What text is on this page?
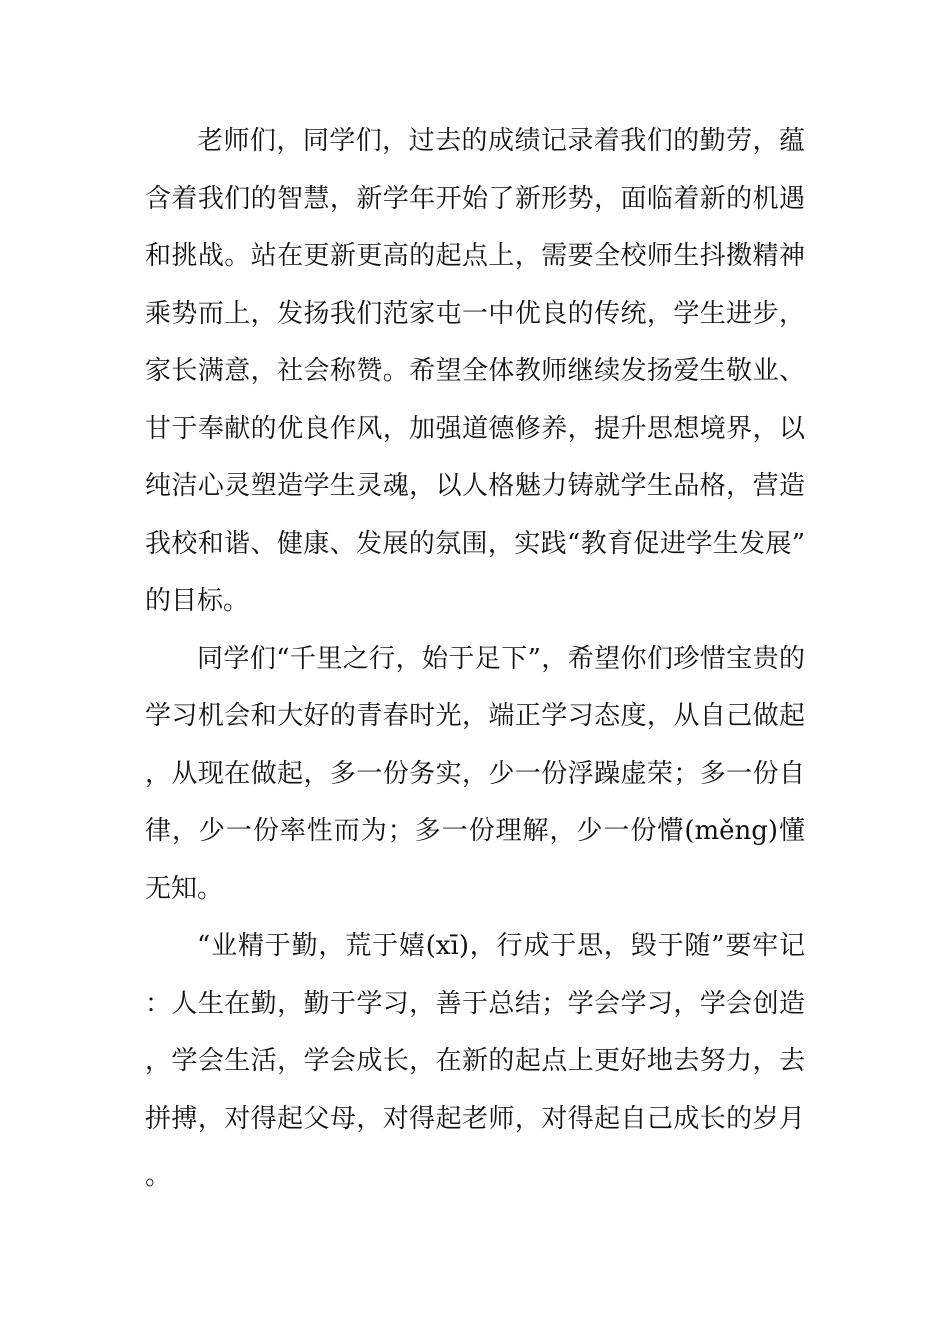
老师们，同学们，过去的成绩记录着我们的勤劳，蕴含着我们的智慧，新学年开始了新形势，面临着新的机遇和挑战。站在更新更高的起点上，需要全校师生抖擞精神乘势而上，发扬我们范家屯一中优良的传统，学生进步，家长满意，社会称赞。希望全体教师继续发扬爱生敬业、甘于奉献的优良作风，加强道德修养，提升思想境界，以纯洁心灵塑造学生灵魂，以人格魅力铸就学生品格，营造我校和谐、健康、发展的氛围，实践“教育促进学生发展”的目标。

同学们“千里之行，始于足下”，希望你们珍惜宝贵的学习机会和大好的青春时光，端正学习态度，从自己做起，从现在做起，多一份务实，少一份浮躁虚荣；多一份自律，少一份率性而为；多一份理解，少一份懵(měng)懂无知。

“业精于勤，荒于嬉(xī)，行成于思，毁于随”要牢记：人生在勤，勤于学习，善于总结；学会学习，学会创造，学会生活，学会成长，在新的起点上更好地去努力，去拼搏，对得起父母，对得起老师，对得起自己成长的岁月。
